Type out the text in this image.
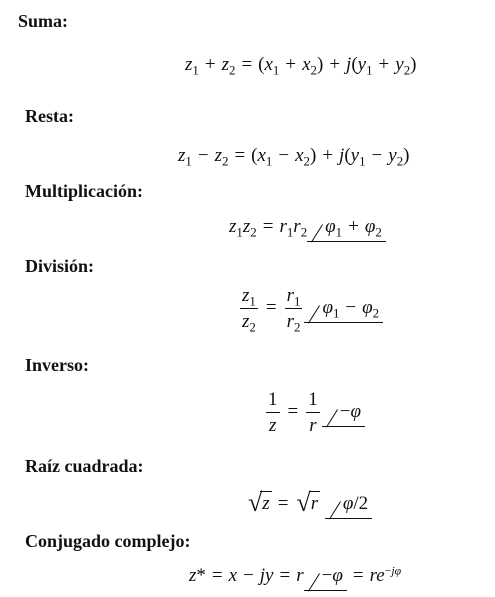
Suma:
$z_1 + z_2 = (x_1 + x_2) + j(y_1 + y_2)$
Resta:
$z_1 - z_2 = (x_1 - x_2) + j(y_1 - y_2)$
Multiplicación:
$z_1z_2 = r_1r_2$ $\varphi_1 + \varphi_2$
División:
$\frac{z_1}{z_2} = \frac{r_1}{r_2} \varphi_1 - \varphi_2$
Inverso:
$\frac{1}{z} = \frac{1}{r} -\varphi$
Raíz cuadrada:
√z = √r φ/2
Conjugado complejo:
z* = x − jy = $r -\varphi = re^{-j\varphi}$
